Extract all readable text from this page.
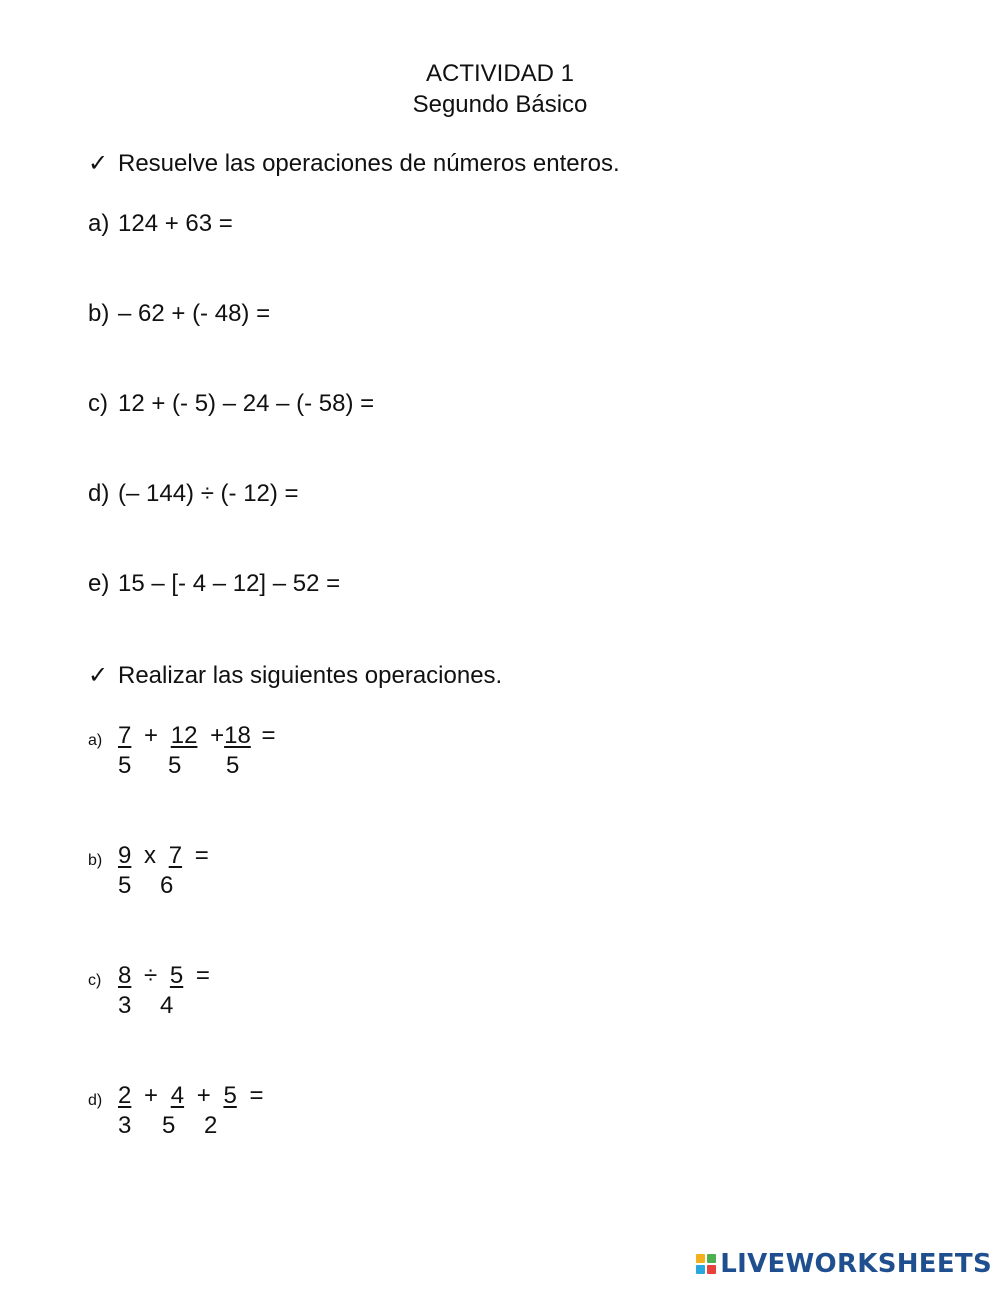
ACTIVIDAD 1
Segundo Básico
✓ Resuelve las operaciones de números enteros.
a) 124 + 63 =
b) – 62 + (- 48) =
c) 12 + (- 5) – 24 – (- 58) =
d) (– 144) ÷ (- 12) =
e) 15 – [- 4 – 12] – 52 =
✓ Realizar las siguientes operaciones.
a) 7 + 12 +18 =
5 5 5
b) 9 x 7 =
5 6
c) 8 ÷ 5 =
3 4
d) 2 + 4 + 5 =
3 5 2
LIVEWORKSHEETS
